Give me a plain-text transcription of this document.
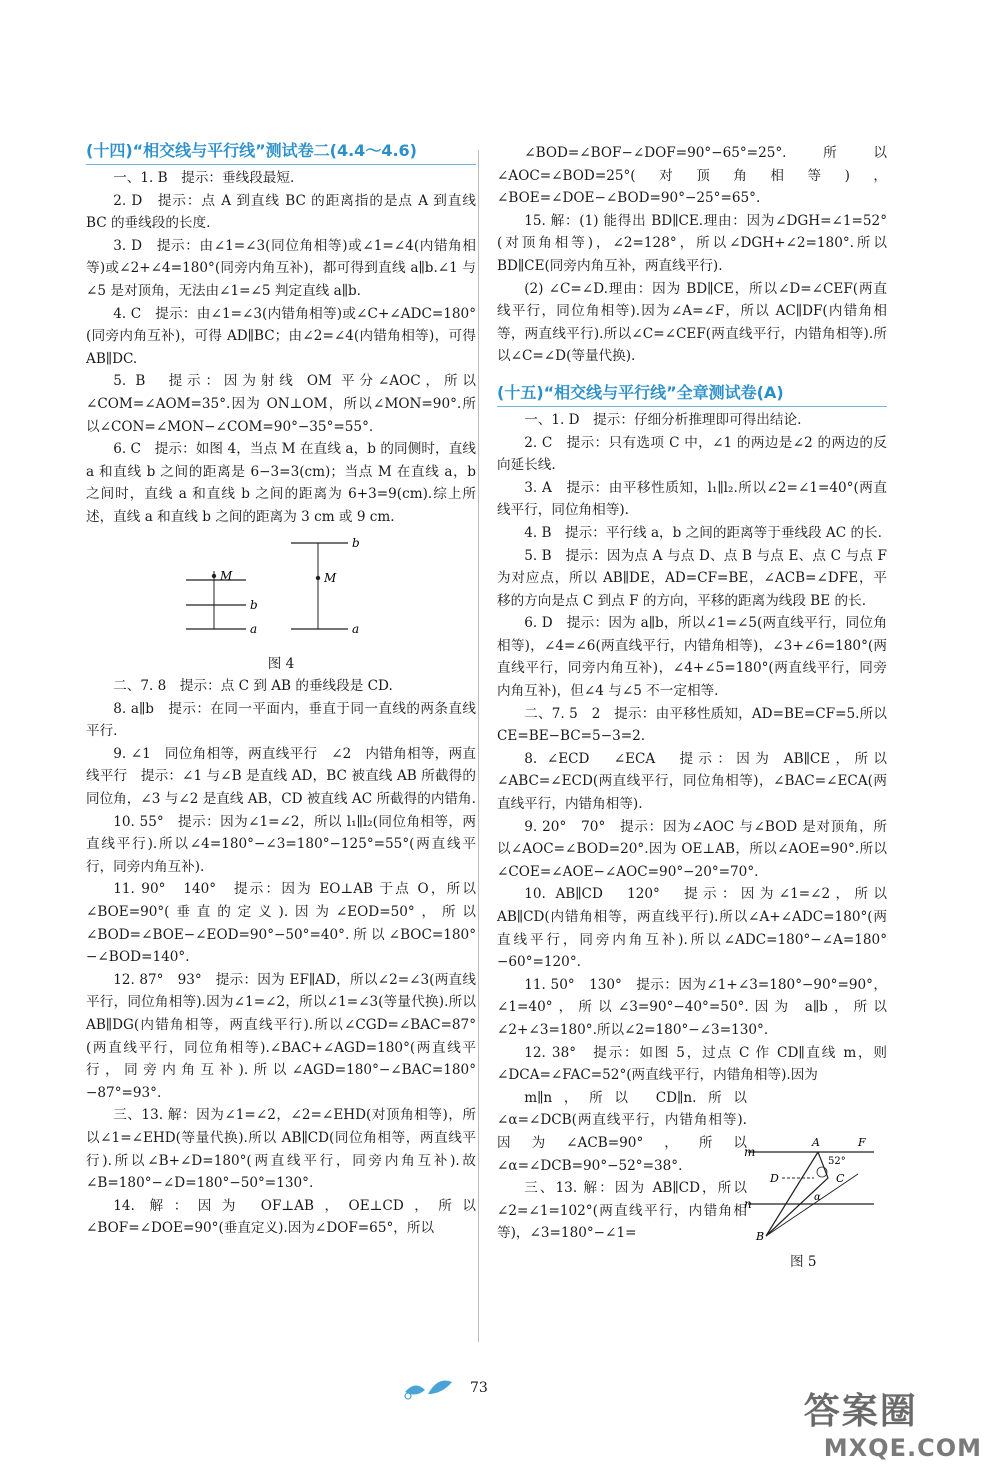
(十四)“相交线与平行线”测试卷二(4.4～4.6)

一、1. B　提示：垂线段最短.

2. D　提示：点 A 到直线 BC 的距离指的是点 A 到直线 BC 的垂线段的长度.

3. D　提示：由∠1=∠3(同位角相等)或∠1=∠4(内错角相等)或∠2+∠4=180°(同旁内角互补)，都可得到直线 a∥b.∠1 与∠5 是对顶角，无法由∠1=∠5 判定直线 a∥b.

4. C　提示：由∠1=∠3(内错角相等)或∠C+∠ADC=180°(同旁内角互补)，可得 AD∥BC；由∠2=∠4(内错角相等)，可得 AB∥DC.

5. B　提示：因为射线 OM 平分∠AOC，所以∠COM=∠AOM=35°.因为 ON⊥OM，所以∠MON=90°.所以∠CON=∠MON−∠COM=90°−35°=55°.

6. C　提示：如图 4，当点 M 在直线 a，b 的同侧时，直线 a 和直线 b 之间的距离是 6−3=3(cm)；当点 M 在直线 a，b 之间时，直线 a 和直线 b 之间的距离为 6+3=9(cm).综上所述，直线 a 和直线 b 之间的距离为 3 cm 或 9 cm.

M
b
a
M
b
a

图 4

二、7. 8　提示：点 C 到 AB 的垂线段是 CD.

8. a∥b　提示：在同一平面内，垂直于同一直线的两条直线平行.

9. ∠1　同位角相等，两直线平行　∠2　内错角相等，两直线平行　提示：∠1 与∠B 是直线 AD，BC 被直线 AB 所截得的同位角，∠3 与∠2 是直线 AB，CD 被直线 AC 所截得的内错角.

10. 55°　提示：因为∠1=∠2，所以 l₁∥l₂(同位角相等，两直线平行).所以∠4=180°−∠3=180°−125°=55°(两直线平行，同旁内角互补).

11. 90°　140°　提示：因为 EO⊥AB 于点 O，所以∠BOE=90°(垂直的定义).因为∠EOD=50°，所以∠BOD=∠BOE−∠EOD=90°−50°=40°.所以∠BOC=180°−∠BOD=140°.

12. 87°　93°　提示：因为 EF∥AD，所以∠2=∠3(两直线平行，同位角相等).因为∠1=∠2，所以∠1=∠3(等量代换).所以 AB∥DG(内错角相等，两直线平行).所以∠CGD=∠BAC=87°(两直线平行，同位角相等).∠BAC+∠AGD=180°(两直线平行，同旁内角互补).所以∠AGD=180°−∠BAC=180°−87°=93°.

三、13. 解：因为∠1=∠2，∠2=∠EHD(对顶角相等)，所以∠1=∠EHD(等量代换).所以 AB∥CD(同位角相等，两直线平行).所以∠B+∠D=180°(两直线平行，同旁内角互补).故∠B=180°−∠D=180°−50°=130°.

14. 解：因为 OF⊥AB，OE⊥CD，所以∠BOF=∠DOE=90°(垂直定义).因为∠DOF=65°，所以

∠BOD=∠BOF−∠DOF=90°−65°=25°.所以∠AOC=∠BOD=25°(对顶角相等)，∠BOE=∠DOE−∠BOD=90°−25°=65°.

15. 解：(1) 能得出 BD∥CE.理由：因为∠DGH=∠1=52°(对顶角相等)，∠2=128°，所以∠DGH+∠2=180°.所以 BD∥CE(同旁内角互补，两直线平行).

(2) ∠C=∠D.理由：因为 BD∥CE，所以∠D=∠CEF(两直线平行，同位角相等).因为∠A=∠F，所以 AC∥DF(内错角相等，两直线平行).所以∠C=∠CEF(两直线平行，内错角相等).所以∠C=∠D(等量代换).

(十五)“相交线与平行线”全章测试卷(A)

一、1. D　提示：仔细分析推理即可得出结论.

2. C　提示：只有选项 C 中，∠1 的两边是∠2 的两边的反向延长线.

3. A　提示：由平移性质知，l₁∥l₂.所以∠2=∠1=40°(两直线平行，同位角相等).

4. B　提示：平行线 a，b 之间的距离等于垂线段 AC 的长.

5. B　提示：因为点 A 与点 D、点 B 与点 E、点 C 与点 F 为对应点，所以 AB∥DE，AD=CF=BE，∠ACB=∠DFE，平移的方向是点 C 到点 F 的方向，平移的距离为线段 BE 的长.

6. D　提示：因为 a∥b，所以∠1=∠5(两直线平行，同位角相等)，∠4=∠6(两直线平行，内错角相等)，∠3+∠6=180°(两直线平行，同旁内角互补)，∠4+∠5=180°(两直线平行，同旁内角互补)，但∠4 与∠5 不一定相等.

二、7. 5　2　提示：由平移性质知，AD=BE=CF=5.所以 CE=BE−BC=5−3=2.

8. ∠ECD　∠ECA　提示：因为 AB∥CE，所以∠ABC=∠ECD(两直线平行，同位角相等)，∠BAC=∠ECA(两直线平行，内错角相等).

9. 20°　70°　提示：因为∠AOC 与∠BOD 是对顶角，所以∠AOC=∠BOD=20°.因为 OE⊥AB，所以∠AOE=90°.所以∠COE=∠AOE−∠AOC=90°−20°=70°.

10. AB∥CD　120°　提示：因为∠1=∠2，所以 AB∥CD(内错角相等，两直线平行).所以∠A+∠ADC=180°(两直线平行，同旁内角互补).所以∠ADC=180°−∠A=180°−60°=120°.

11. 50°　130°　提示：因为∠1+∠3=180°−90°=90°，∠1=40°，所以∠3=90°−40°=50°.因为 a∥b，所以∠2+∠3=180°.所以∠2=180°−∠3=130°.

12. 38°　提示：如图 5，过点 C 作 CD∥直线 m，则∠DCA=∠FAC=52°(两直线平行，内错角相等).因为

m∥n，所以 CD∥n.所以∠α=∠DCB(两直线平行，内错角相等).因为∠ACB=90°，所以∠α=∠DCB=90°−52°=38°.

三、13. 解：因为 AB∥CD，所以∠2=∠1=102°(两直线平行，内错角相等)，∠3=180°−∠1=

m
n
A	F
D	C
B
52°
α
图 5
73
答案圈
MXQE.COM
